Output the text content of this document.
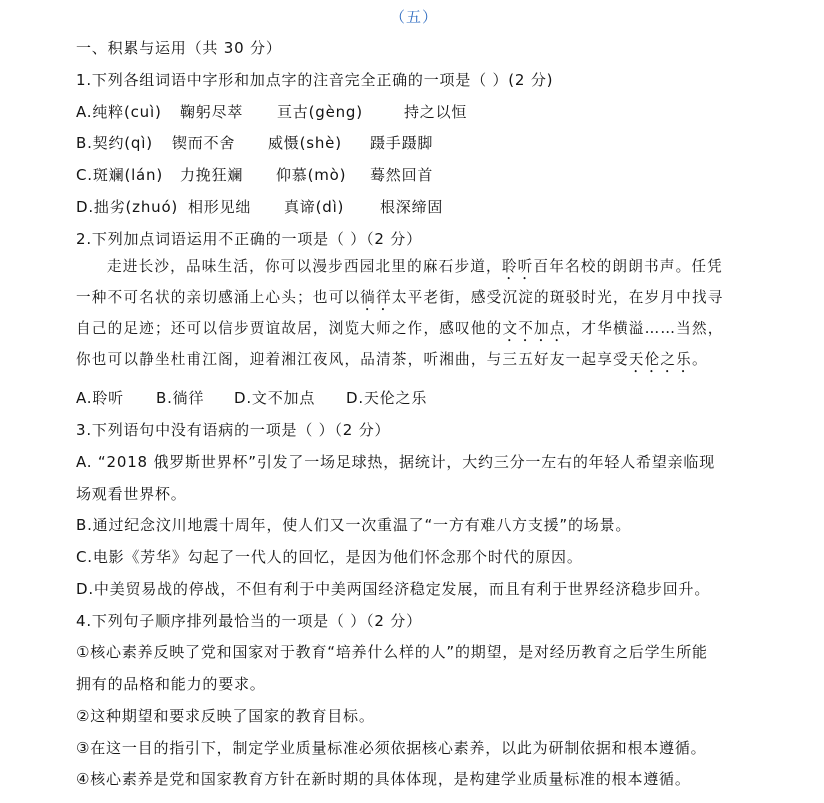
（五）
一、积累与运用（共 30 分）
1.下列各组词语中字形和加点字的注音完全正确的一项是（ ）(2 分)
A.纯粹(cuì) 鞠躬尽萃 亘古(gèng)	持之以恒
B.契约(qì) 锲而不舍 威慑(shè) 蹑手蹑脚
C.斑斓(lán) 力挽狂斓 仰慕(mò) 蓦然回首
D.拙劣(zhuó) 相形见绌 真谛(dì) 根深缔固
2.下列加点词语运用不正确的一项是（ ）（2 分）
走进长沙，品味生活，你可以漫步西园北里的麻石步道，聆听百年名校的朗朗书声。任凭
一种不可名状的亲切感涌上心头；也可以徜徉太平老街，感受沉淀的斑驳时光，在岁月中找寻
自己的足迹；还可以信步贾谊故居，浏览大师之作，感叹他的文不加点，才华横溢……当然，
你也可以静坐杜甫江阁，迎着湘江夜风，品清茶，听湘曲，与三五好友一起享受天伦之乐。
A.聆听 B.徜徉 D.文不加点 D.天伦之乐
3.下列语句中没有语病的一项是（ ）（2 分）
A. “2018 俄罗斯世界杯”引发了一场足球热，据统计，大约三分一左右的年轻人希望亲临现
场观看世界杯。
B.通过纪念汶川地震十周年，使人们又一次重温了“一方有难八方支援”的场景。
C.电影《芳华》勾起了一代人的回忆，是因为他们怀念那个时代的原因。
D.中美贸易战的停战，不但有利于中美两国经济稳定发展，而且有利于世界经济稳步回升。
4.下列句子顺序排列最恰当的一项是（ ）（2 分）
①核心素养反映了党和国家对于教育“培养什么样的人”的期望，是对经历教育之后学生所能
拥有的品格和能力的要求。
②这种期望和要求反映了国家的教育目标。
③在这一目的指引下，制定学业质量标准必须依据核心素养，以此为研制依据和根本遵循。
④核心素养是党和国家教育方针在新时期的具体体现，是构建学业质量标准的根本遵循。
